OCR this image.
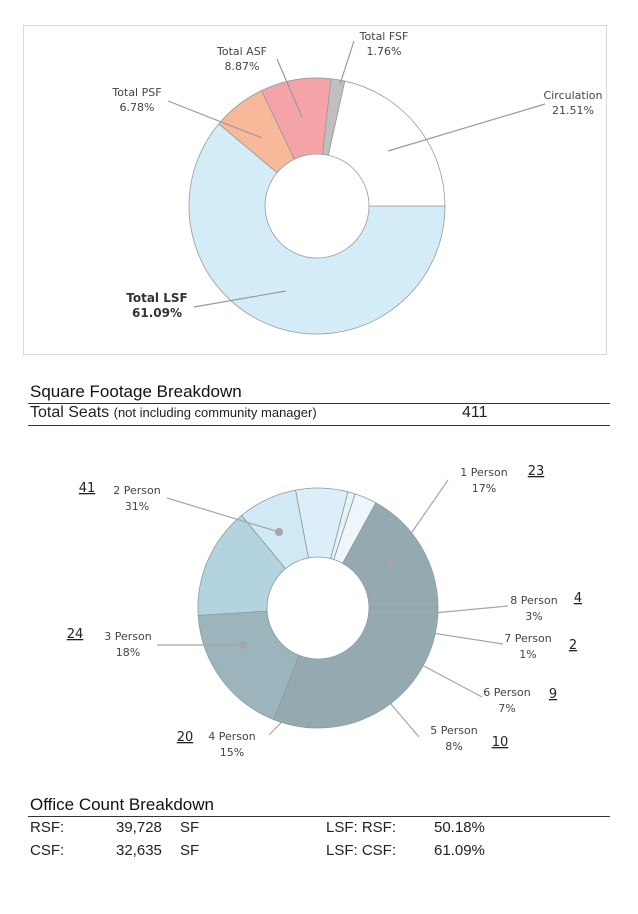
Total LSF
61.09%
Total PSF
6.78%
Total ASF
8.87%
Total FSF
1.76%
Circulation
21.51%
1 Person
17%
23
8 Person
3%
4
7 Person
1%
2
6 Person
7%
9
5 Person
8% 10
4 Person
15%
20
3 Person
18%
24
2 Person
31%
41
Square Footage Breakdown
Total Seats (not including community manager)	411
Office Count Breakdown
RSF:	39,728 SF	LSF: RSF:	50.18%
CSF:	32,635 SF	LSF: CSF:	61.09%
